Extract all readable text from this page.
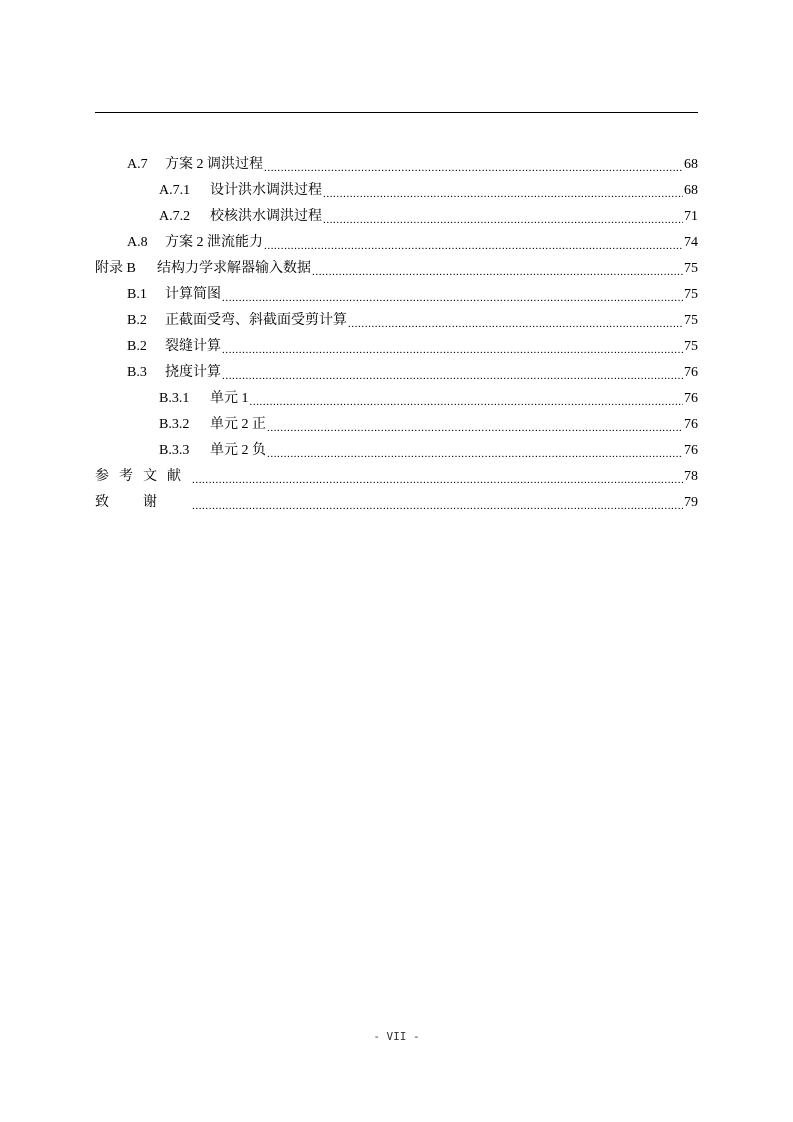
A.7	方案 2 调洪过程 .....	68
A.7.1	设计洪水调洪过程 .....	68
A.7.2	校核洪水调洪过程 .....	71
A.8	方案 2 泄流能力 .....	74
附录 B	结构力学求解器输入数据 .....	75
B.1	计算简图 .....	75
B.2	正截面受弯、斜截面受剪计算 .....	75
B.2	裂缝计算 .....	75
B.3	挠度计算 .....	76
B.3.1	单元 1 .....	76
B.3.2	单元 2 正 .....	76
B.3.3	单元 2 负 .....	76
参考文献 .....	78
致谢 .....	79
- VII -
